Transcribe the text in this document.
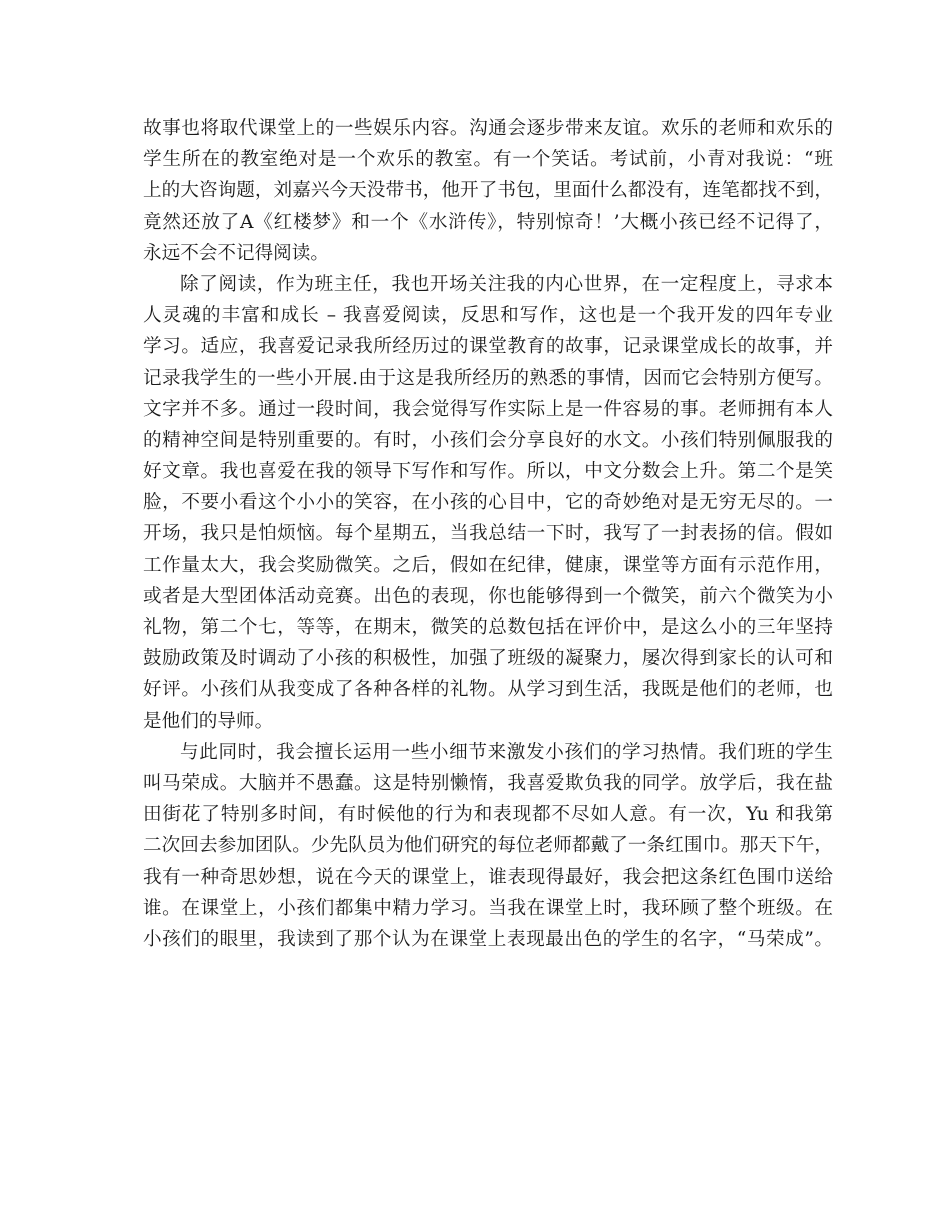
故事也将取代课堂上的一些娱乐内容。沟通会逐步带来友谊。欢乐的老师和欢乐的
学生所在的教室绝对是一个欢乐的教室。有一个笑话。考试前，小青对我说：“班
上的大咨询题，刘嘉兴今天没带书，他开了书包，里面什么都没有，连笔都找不到，
竟然还放了A《红楼梦》和一个《水浒传》，特别惊奇！’大概小孩已经不记得了，
永远不会不记得阅读。
除了阅读，作为班主任，我也开场关注我的内心世界，在一定程度上，寻求本
人灵魂的丰富和成长 – 我喜爱阅读，反思和写作，这也是一个我开发的四年专业
学习。适应，我喜爱记录我所经历过的课堂教育的故事，记录课堂成长的故事，并
记录我学生的一些小开展.由于这是我所经历的熟悉的事情，因而它会特别方便写。
文字并不多。通过一段时间，我会觉得写作实际上是一件容易的事。老师拥有本人
的精神空间是特别重要的。有时，小孩们会分享良好的水文。小孩们特别佩服我的
好文章。我也喜爱在我的领导下写作和写作。所以，中文分数会上升。第二个是笑
脸，不要小看这个小小的笑容，在小孩的心目中，它的奇妙绝对是无穷无尽的。一
开场，我只是怕烦恼。每个星期五，当我总结一下时，我写了一封表扬的信。假如
工作量太大，我会奖励微笑。之后，假如在纪律，健康，课堂等方面有示范作用，
或者是大型团体活动竞赛。出色的表现，你也能够得到一个微笑，前六个微笑为小
礼物，第二个七，等等，在期末，微笑的总数包括在评价中，是这么小的三年坚持
鼓励政策及时调动了小孩的积极性，加强了班级的凝聚力，屡次得到家长的认可和
好评。小孩们从我变成了各种各样的礼物。从学习到生活，我既是他们的老师，也
是他们的导师。
与此同时，我会擅长运用一些小细节来激发小孩们的学习热情。我们班的学生
叫马荣成。大脑并不愚蠢。这是特别懒惰，我喜爱欺负我的同学。放学后，我在盐
田街花了特别多时间，有时候他的行为和表现都不尽如人意。有一次，Yu 和我第
二次回去参加团队。少先队员为他们研究的每位老师都戴了一条红围巾。那天下午，
我有一种奇思妙想，说在今天的课堂上，谁表现得最好，我会把这条红色围巾送给
谁。在课堂上，小孩们都集中精力学习。当我在课堂上时，我环顾了整个班级。在
小孩们的眼里，我读到了那个认为在课堂上表现最出色的学生的名字，“马荣成”。
